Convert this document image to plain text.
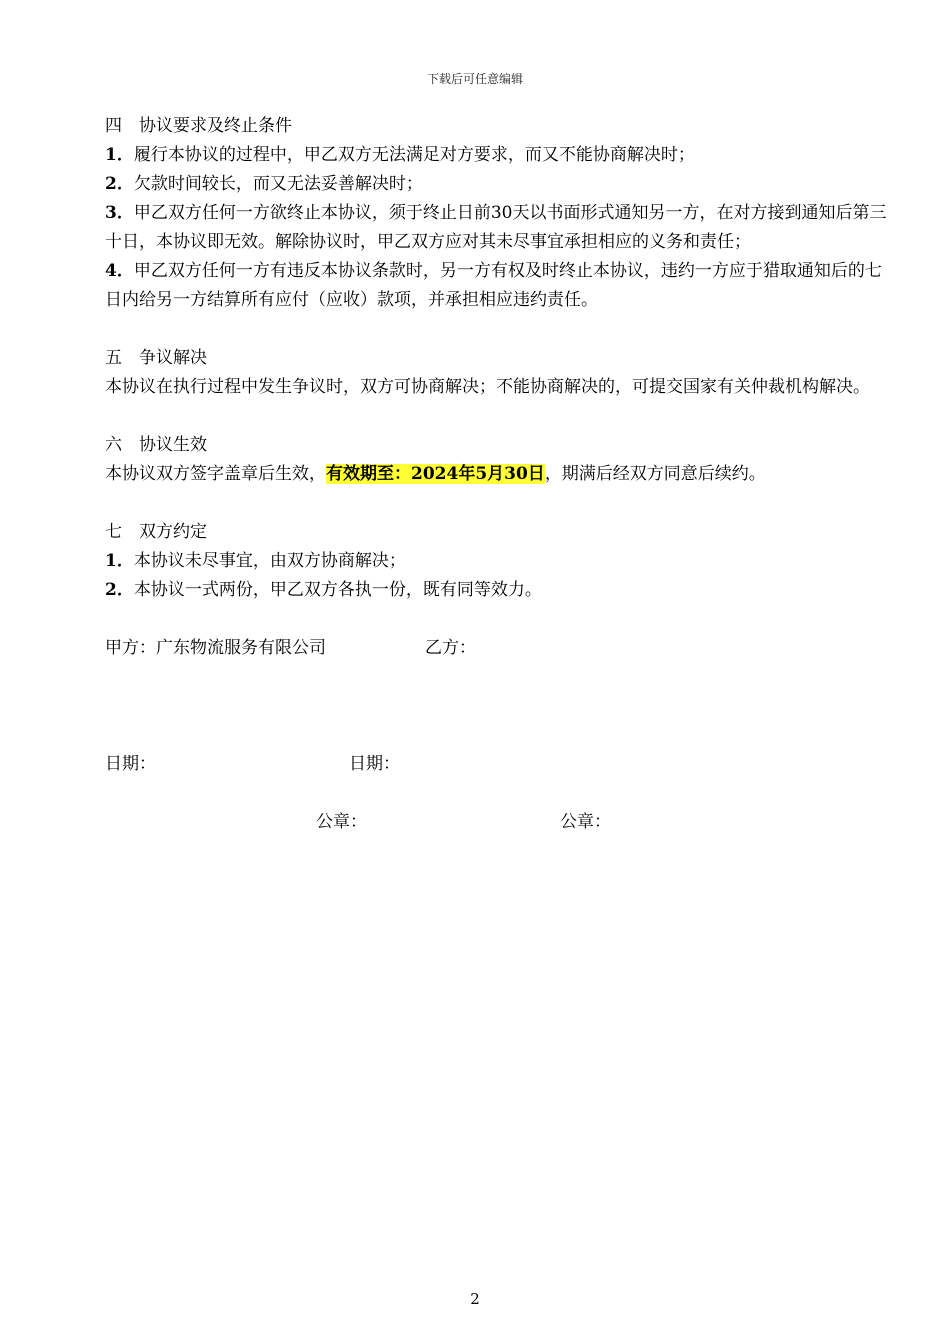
下载后可任意编辑
四　协议要求及终止条件
1．履行本协议的过程中，甲乙双方无法满足对方要求，而又不能协商解决时；
2．欠款时间较长，而又无法妥善解决时；
3．甲乙双方任何一方欲终止本协议，须于终止日前30天以书面形式通知另一方，在对方接到通知后第三十日，本协议即无效。解除协议时，甲乙双方应对其未尽事宜承担相应的义务和责任；
4．甲乙双方任何一方有违反本协议条款时，另一方有权及时终止本协议，违约一方应于猎取通知后的七日内给另一方结算所有应付（应收）款项，并承担相应违约责任。
五　争议解决
本协议在执行过程中发生争议时，双方可协商解决；不能协商解决的，可提交国家有关仲裁机构解决。
六　协议生效
本协议双方签字盖章后生效，有效期至：2024年5月30日，期满后经双方同意后续约。
七　双方约定
1．本协议未尽事宜，由双方协商解决；
2．本协议一式两份，甲乙双方各执一份，既有同等效力。
甲方：广东物流服务有限公司	乙方：
日期：	日期：
公章：	公章：
2
